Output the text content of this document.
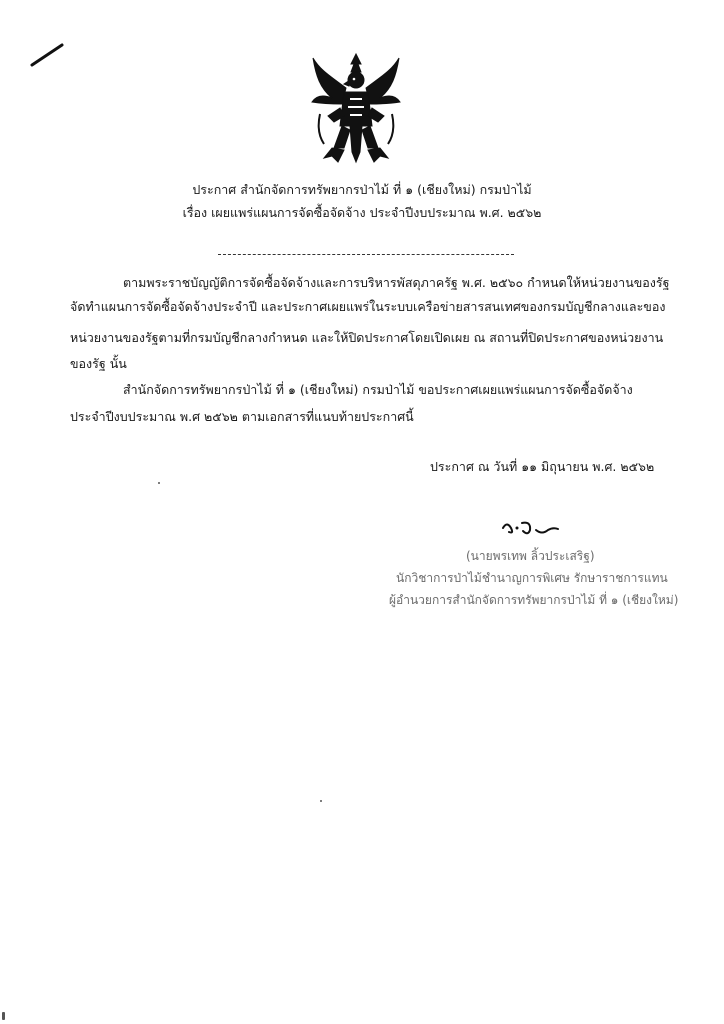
ประกาศ สำนักจัดการทรัพยากรป่าไม้ ที่ ๑ (เชียงใหม่) กรมป่าไม้
เรื่อง เผยแพร่แผนการจัดซื้อจัดจ้าง ประจำปีงบประมาณ พ.ศ. ๒๕๖๒
ตามพระราชบัญญัติการจัดซื้อจัดจ้างและการบริหารพัสดุภาครัฐ พ.ศ. ๒๕๖๐ กำหนดให้หน่วยงานของรัฐ
จัดทำแผนการจัดซื้อจัดจ้างประจำปี และประกาศเผยแพร่ในระบบเครือข่ายสารสนเทศของกรมบัญชีกลางและของ
หน่วยงานของรัฐตามที่กรมบัญชีกลางกำหนด และให้ปิดประกาศโดยเปิดเผย ณ สถานที่ปิดประกาศของหน่วยงาน
ของรัฐ นั้น
สำนักจัดการทรัพยากรป่าไม้ ที่ ๑ (เชียงใหม่) กรมป่าไม้ ขอประกาศเผยแพร่แผนการจัดซื้อจัดจ้าง
ประจำปีงบประมาณ พ.ศ ๒๕๖๒ ตามเอกสารที่แนบท้ายประกาศนี้
ประกาศ ณ วันที่ ๑๑ มิถุนายน พ.ศ. ๒๕๖๒
(นายพรเทพ ลิ้วประเสริฐ)
นักวิชาการป่าไม้ชำนาญการพิเศษ รักษาราชการแทน
ผู้อำนวยการสำนักจัดการทรัพยากรป่าไม้ ที่ ๑ (เชียงใหม่)
